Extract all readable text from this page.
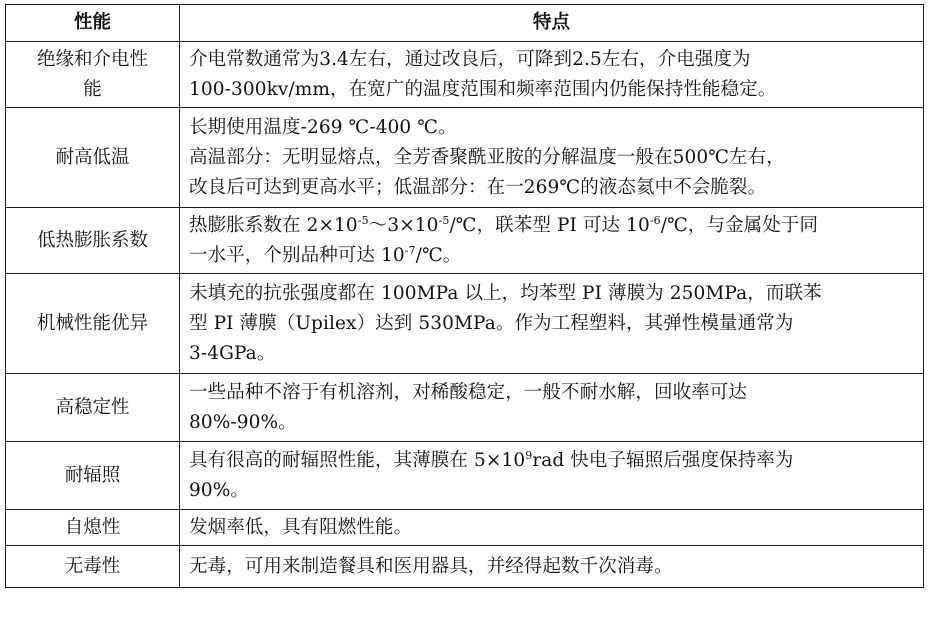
性能	特点

绝缘和介电性
能	介电常数通常为3.4左右，通过改良后，可降到2.5左右，介电强度为
100-300kv/mm，在宽广的温度范围和频率范围内仍能保持性能稳定。

耐高低温	长期使用温度-269 ℃-400 ℃。
高温部分：无明显熔点，全芳香聚酰亚胺的分解温度一般在500℃左右，
改良后可达到更高水平；低温部分：在一269℃的液态氦中不会脆裂。

低热膨胀系数	热膨胀系数在 $2\times 10^{-5}\sim 3\times 10^{-5}/℃$，联苯型 PI 可达 $10^{-6}/℃$，与金属处于同
一水平，个别品种可达 $10^{-7}/℃$。

机械性能优异	未填充的抗张强度都在 100MPa 以上，均苯型 PI 薄膜为 250MPa，而联苯
型 PI 薄膜（Upilex）达到 530MPa。作为工程塑料，其弹性模量通常为
3-4GPa。

高稳定性	一些品种不溶于有机溶剂，对稀酸稳定，一般不耐水解，回收率可达
80%-90%。

耐辐照	具有很高的耐辐照性能，其薄膜在 $5\times 10^9rad$ 快电子辐照后强度保持率为
90%。

自熄性	发烟率低，具有阻燃性能。

无毒性	无毒，可用来制造餐具和医用器具，并经得起数千次消毒。
